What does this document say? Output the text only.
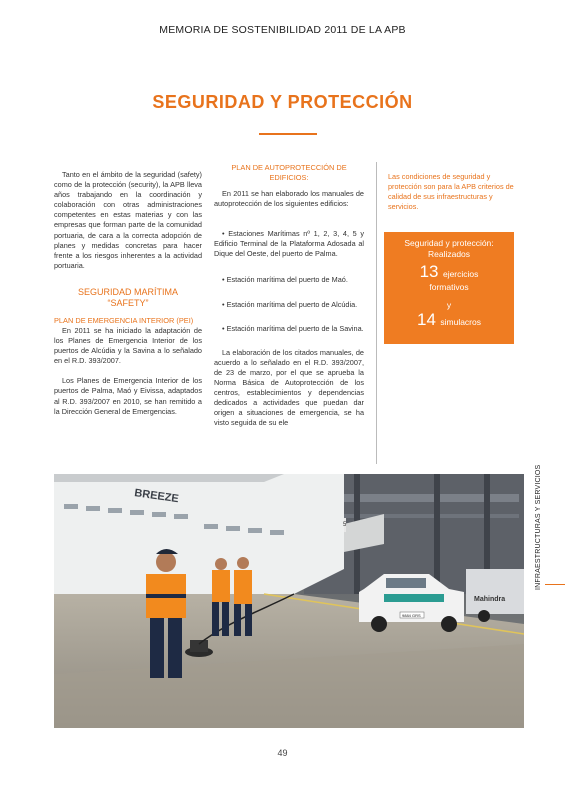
MEMORIA DE SOSTENIBILIDAD 2011 DE LA APB
SEGURIDAD Y PROTECCIÓN

Tanto en el ámbito de la seguridad (safety) como de la protección (security), la APB lleva años trabajando en la coordinación y colaboración con otras administraciones competentes en estas materias y con las empresas que forman parte de la comunidad portuaria, de cara a la correcta adopción de planes y medidas concretas para hacer frente a los riesgos inherentes a la actividad portuaria.

SEGURIDAD MARÍTIMA
“SAFETY”
PLAN DE EMERGENCIA INTERIOR (PEI)

En 2011 se ha iniciado la adaptación de los Planes de Emergencia Interior de los puertos de Alcúdia y la Savina a lo señalado en el R.D. 393/2007.

Los Planes de Emergencia Interior de los puertos de Palma, Maó y Eivissa, adaptados al R.D. 393/2007 en 2010, se han remitido a la Dirección General de Emergencias.

PLAN DE AUTOPROTECCIÓN DE
EDIFICIOS:

En 2011 se han elaborado los manuales de autoprotección de los siguientes edificios:

• Estaciones Marítimas nº 1, 2, 3, 4, 5 y Edificio Terminal de la Plataforma Adosada al Dique del Oeste, del puerto de Palma.

• Estación marítima del puerto de Maó.

• Estación marítima del puerto de Alcúdia.

• Estación marítima del puerto de la Savina.

La elaboración de los citados manuales, de acuerdo a lo señalado en el R.D. 393/2007, de 23 de marzo, por el que se aprueba la Norma Básica de Autoprotección de los centros, establecimientos y dependencias dedicados a actividades que puedan dar origen a situaciones de emergencia, se ha visto seguida de su ele

Las condiciones de seguridad y protección son para la APB criterios de calidad de sus infraestructuras y servicios.
Seguridad y protección:
Realizados
13 ejercicios
formativos
y
14 simulacros
BREEZE
5
9884 GRS
Mahindra
INFRAESTRUCTURAS Y SERVICIOS
49
